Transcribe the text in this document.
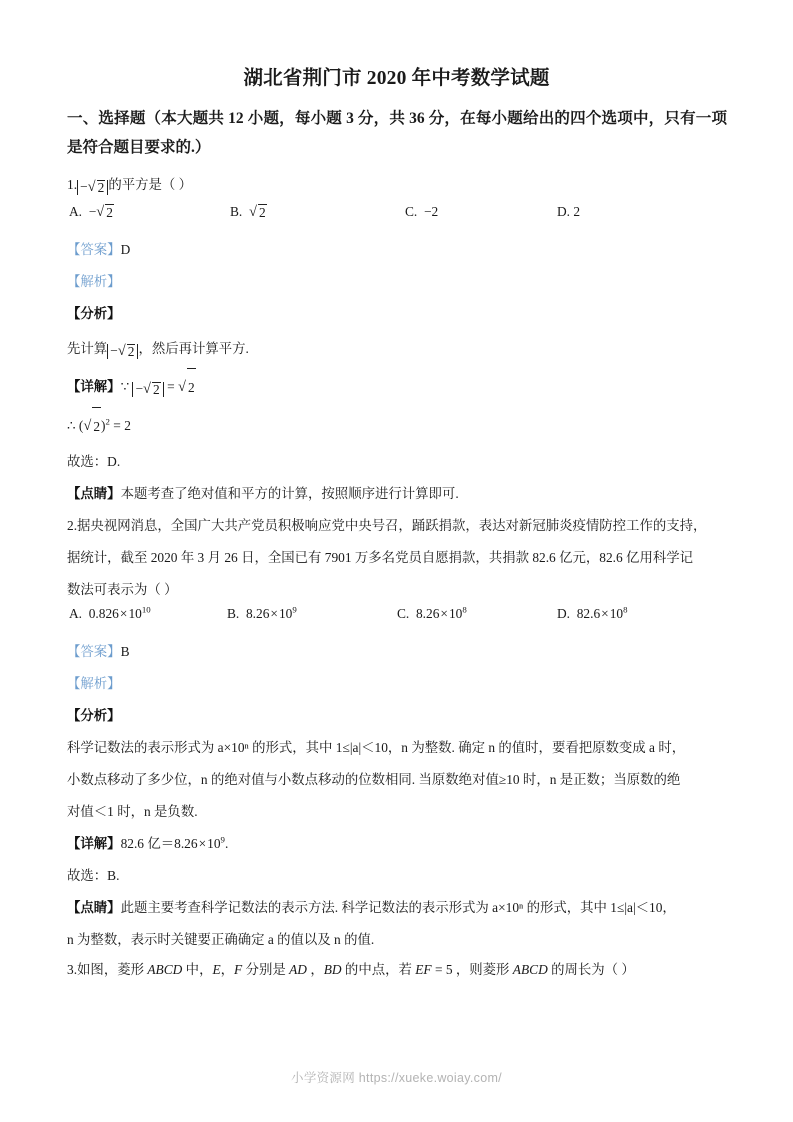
湖北省荆门市 2020 年中考数学试题
一、选择题（本大题共 12 小题，每小题 3 分，共 36 分，在每小题给出的四个选项中，只有一项是符合题目要求的.）

1. − √ 2 的平方是（ ）

A.  − √ 2	B. √ 2	C. −2	D. 2

【答案】D

【解析】

【分析】

先计算 − √ 2 ，然后再计算平方.

【详解】∵ − √ 2 = √ 2

∴ ( √ 2)$^2$ = 2

故选：D.

【点睛】本题考查了绝对值和平方的计算，按照顺序进行计算即可.

2.据央视网消息，全国广大共产党员积极响应党中央号召，踊跃捐款，表达对新冠肺炎疫情防控工作的支持，

据统计，截至 2020 年 3 月 26 日，全国已有 7901 万多名党员自愿捐款，共捐款 82.6 亿元，82.6 亿用科学记

数法可表示为（ ）

A. $0.826\times 10^{10}$	B. $8.26\times 10^9$	C. $8.26\times 10^8$	D. $82.6\times 10^8$

【答案】B

【解析】

【分析】

科学记数法的表示形式为 a×10ⁿ 的形式，其中 1≤|a|＜10，n 为整数. 确定 n 的值时，要看把原数变成 a 时，

小数点移动了多少位，n 的绝对值与小数点移动的位数相同. 当原数绝对值≥10 时，n 是正数；当原数的绝

对值＜1 时，n 是负数.

【详解】82.6 亿$=8.26\times 10^9$.

故选：B.

【点睛】此题主要考查科学记数法的表示方法. 科学记数法的表示形式为 a×10ⁿ 的形式，其中 1≤|a|＜10，

n 为整数，表示时关键要正确确定 a 的值以及 n 的值.

3.如图，菱形 ABCD 中，E，F 分别是 AD ，BD 的中点，若 EF = 5 ，则菱形 ABCD 的周长为（ ）

小学资源网 https://xueke.woiay.com/
